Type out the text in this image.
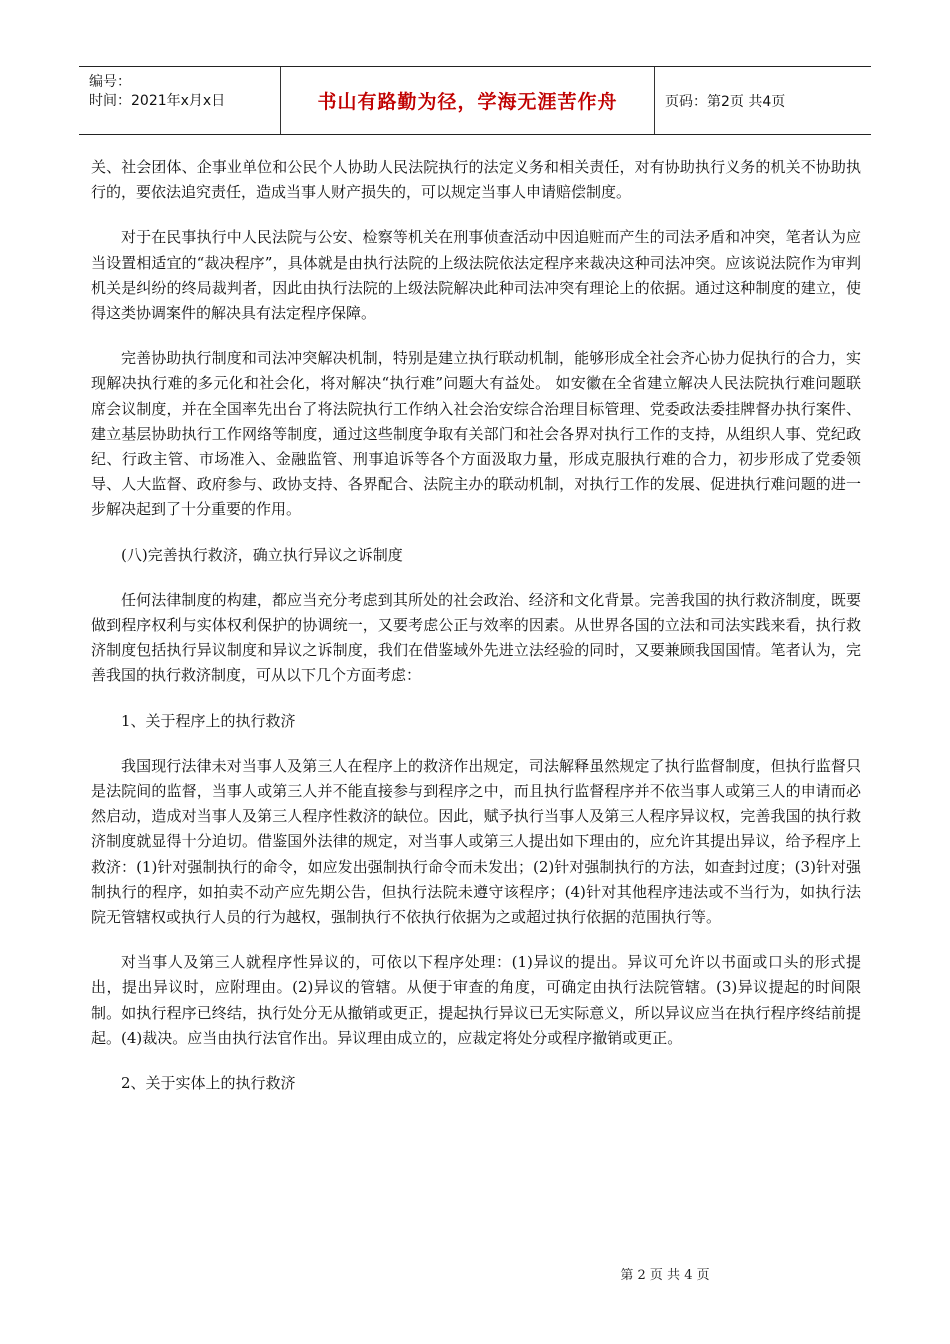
编号：
时间：2021年x月x日	书山有路勤为径，学海无涯苦作舟	页码：第2页 共4页

关、社会团体、企事业单位和公民个人协助人民法院执行的法定义务和相关责任，对有协助执行义务的机关不协助执行的，要依法追究责任，造成当事人财产损失的，可以规定当事人申请赔偿制度。

对于在民事执行中人民法院与公安、检察等机关在刑事侦查活动中因追赃而产生的司法矛盾和冲突，笔者认为应当设置相适宜的“裁决程序”，具体就是由执行法院的上级法院依法定程序来裁决这种司法冲突。应该说法院作为审判机关是纠纷的终局裁判者，因此由执行法院的上级法院解决此种司法冲突有理论上的依据。通过这种制度的建立，使得这类协调案件的解决具有法定程序保障。

完善协助执行制度和司法冲突解决机制，特别是建立执行联动机制，能够形成全社会齐心协力促执行的合力，实现解决执行难的多元化和社会化，将对解决“执行难”问题大有益处。 如安徽在全省建立解决人民法院执行难问题联席会议制度，并在全国率先出台了将法院执行工作纳入社会治安综合治理目标管理、党委政法委挂牌督办执行案件、建立基层协助执行工作网络等制度，通过这些制度争取有关部门和社会各界对执行工作的支持，从组织人事、党纪政纪、行政主管、市场准入、金融监管、刑事追诉等各个方面汲取力量，形成克服执行难的合力，初步形成了党委领导、人大监督、政府参与、政协支持、各界配合、法院主办的联动机制，对执行工作的发展、促进执行难问题的进一步解决起到了十分重要的作用。

(八)完善执行救济，确立执行异议之诉制度

任何法律制度的构建，都应当充分考虑到其所处的社会政治、经济和文化背景。完善我国的执行救济制度，既要做到程序权利与实体权利保护的协调统一，又要考虑公正与效率的因素。从世界各国的立法和司法实践来看，执行救济制度包括执行异议制度和异议之诉制度，我们在借鉴域外先进立法经验的同时，又要兼顾我国国情。笔者认为，完善我国的执行救济制度，可从以下几个方面考虑：

1、关于程序上的执行救济

我国现行法律未对当事人及第三人在程序上的救济作出规定，司法解释虽然规定了执行监督制度，但执行监督只是法院间的监督，当事人或第三人并不能直接参与到程序之中，而且执行监督程序并不依当事人或第三人的申请而必然启动，造成对当事人及第三人程序性救济的缺位。因此，赋予执行当事人及第三人程序异议权，完善我国的执行救济制度就显得十分迫切。借鉴国外法律的规定，对当事人或第三人提出如下理由的，应允许其提出异议，给予程序上救济：(1)针对强制执行的命令，如应发出强制执行命令而未发出；(2)针对强制执行的方法，如查封过度；(3)针对强制执行的程序，如拍卖不动产应先期公告，但执行法院未遵守该程序；(4)针对其他程序违法或不当行为，如执行法院无管辖权或执行人员的行为越权，强制执行不依执行依据为之或超过执行依据的范围执行等。

对当事人及第三人就程序性异议的，可依以下程序处理：(1)异议的提出。异议可允许以书面或口头的形式提出，提出异议时，应附理由。(2)异议的管辖。从便于审查的角度，可确定由执行法院管辖。(3)异议提起的时间限制。如执行程序已终结，执行处分无从撤销或更正，提起执行异议已无实际意义，所以异议应当在执行程序终结前提起。(4)裁决。应当由执行法官作出。异议理由成立的，应裁定将处分或程序撤销或更正。

2、关于实体上的执行救济

第 2 页 共 4 页
